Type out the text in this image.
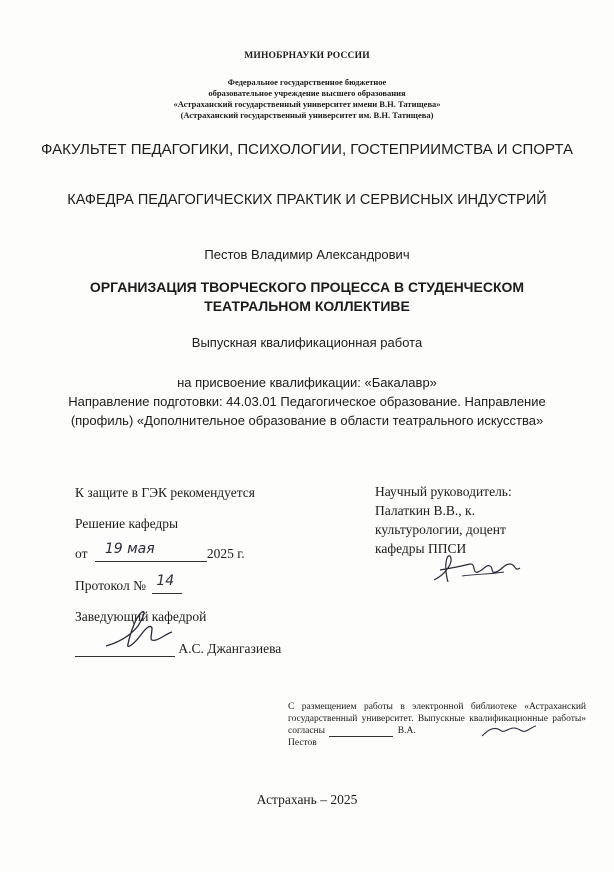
МИНОБРНАУКИ РОССИИ
Федеральное государственное бюджетное
образовательное учреждение высшего образования
«Астраханский государственный университет имени В.Н. Татищева»
(Астраханский государственный университет им. В.Н. Татищева)
ФАКУЛЬТЕТ ПЕДАГОГИКИ, ПСИХОЛОГИИ, ГОСТЕПРИИМСТВА И СПОРТА
КАФЕДРА ПЕДАГОГИЧЕСКИХ ПРАКТИК И СЕРВИСНЫХ ИНДУСТРИЙ
Пестов Владимир Александрович
ОРГАНИЗАЦИЯ ТВОРЧЕСКОГО ПРОЦЕССА В СТУДЕНЧЕСКОМ ТЕАТРАЛЬНОМ КОЛЛЕКТИВЕ
Выпускная квалификационная работа
на присвоение квалификации: «Бакалавр»
Направление подготовки: 44.03.01 Педагогическое образование. Направление
(профиль) «Дополнительное образование в области театрального искусства»
К защите в ГЭК рекомендуется
Решение кафедры
от 19 мая	2025 г.
Протокол № 14
Заведующий кафедрой
А.С. Джангазиева
Научный руководитель:
Палаткин В.В., к.
культурологии, доцент
кафедры ППСИ
С размещением работы в электронной библиотеке «Астраханский государственный университет. Выпускные квалификационные работы» согласны	В.А.
Пестов
Астрахань – 2025
